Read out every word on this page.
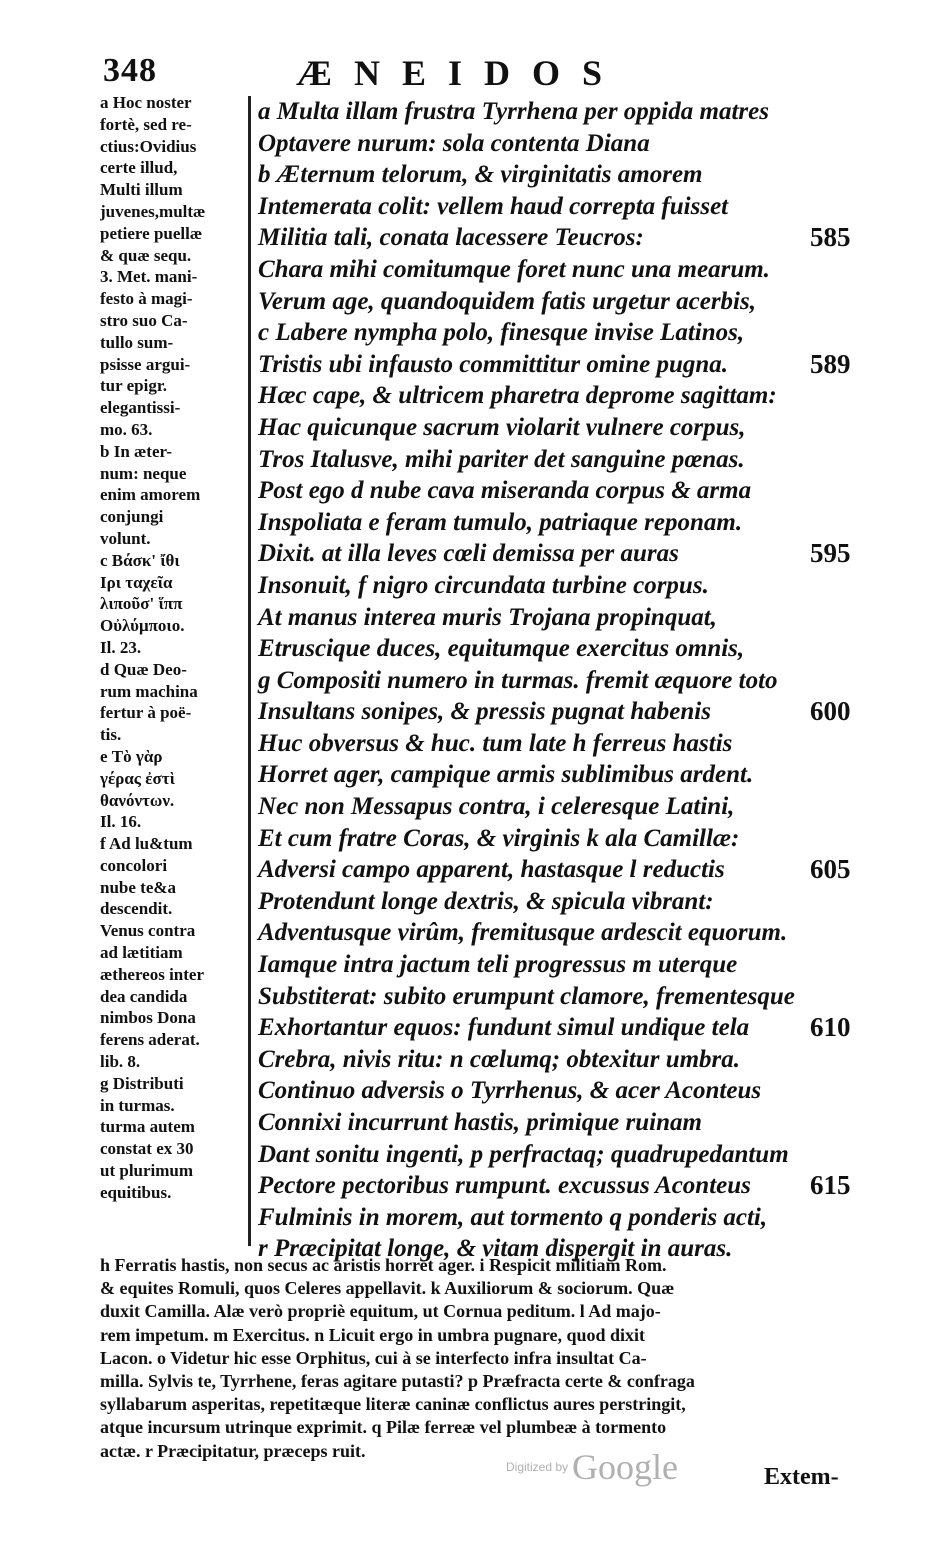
348	ÆNEIDOS
a Hoc noster
fortè, sed re-
ctius:Ovidius
certe illud,
Multi illum
juvenes,multæ
petiere puellæ
& quæ sequ.
3. Met. mani-
festo à magi-
stro suo Ca-
tullo sum-
psisse argui-
tur epigr.
elegantissi-
mo. 63.
b In æter-
num: neque
enim amorem
conjungi
volunt.
c Βάσκ' ἴθι
Ιρι ταχεῖα
λιποῦσ' ἵππ
Οὐλύμποιο.
Il. 23.
d Quæ Deo-
rum machina
fertur à poë-
tis.
e Τὸ γὰρ
γέρας ἐστὶ
θανόντων.
Il. 16.
f Ad lu&tum
concolori
nube te&a
descendit.
Venus contra
ad lætitiam
æthereos inter
dea candida
nimbos Dona
ferens aderat.
lib. 8.
g Distributi
in turmas.
turma autem
constat ex 30
ut plurimum
equitibus.
a Multa illam frustra Tyrrhena per oppida matres
Optavere nurum: sola contenta Diana
b Æternum telorum, & virginitatis amorem
Intemerata colit: vellem haud correpta fuisset
Militia tali, conata lacessere Teucros:	585
Chara mihi comitumque foret nunc una mearum.
Verum age, quandoquidem fatis urgetur acerbis,
c Labere nympha polo, finesque invise Latinos,
Tristis ubi infausto committitur omine pugna.	589
Hæc cape, & ultricem pharetra deprome sagittam:
Hac quicunque sacrum violarit vulnere corpus,
Tros Italusve, mihi pariter det sanguine pœnas.
Post ego d nube cava miseranda corpus & arma
Inspoliata e feram tumulo, patriaque reponam.
Dixit. at illa leves cœli demissa per auras	595
Insonuit, f nigro circundata turbine corpus.
At manus interea muris Trojana propinquat,
Etruscique duces, equitumque exercitus omnis,
g Compositi numero in turmas. fremit æquore toto
Insultans sonipes, & pressis pugnat habenis	600
Huc obversus & huc. tum late h ferreus hastis
Horret ager, campique armis sublimibus ardent.
Nec non Messapus contra, i celeresque Latini,
Et cum fratre Coras, & virginis k ala Camillæ:
Adversi campo apparent, hastasque l reductis	605
Protendunt longe dextris, & spicula vibrant:
Adventusque virûm, fremitusque ardescit equorum.
Iamque intra jactum teli progressus m uterque
Substiterat: subito erumpunt clamore, frementesque
Exhortantur equos: fundunt simul undique tela 610
Crebra, nivis ritu: n cœlumq; obtexitur umbra.
Continuo adversis o Tyrrhenus, & acer Aconteus
Connixi incurrunt hastis, primique ruinam
Dant sonitu ingenti, p perfractaq; quadrupedantum
Pectore pectoribus rumpunt. excussus Aconteus 615
Fulminis in morem, aut tormento q ponderis acti,
r Præcipitat longe, & vitam dispergit in auras.
h Ferratis hastis, non secus ac aristis horret ager. i Respicit militiam Rom.
& equites Romuli, quos Celeres appellavit. k Auxiliorum & sociorum. Quæ
duxit Camilla. Alæ verò propriè equitum, ut Cornua peditum. l Ad majo-
rem impetum. m Exercitus. n Licuit ergo in umbra pugnare, quod dixit
Lacon. o Videtur hic esse Orphitus, cui à se interfecto infra insultat Ca-
milla. Sylvis te, Tyrrhene, feras agitare putasti? p Præfracta certe & confraga
syllabarum asperitas, repetitæque literæ caninæ conflictus aures perstringit,
atque incursum utrinque exprimit. q Pilæ ferreæ vel plumbeæ à tormento
actæ. r Præcipitatur, præceps ruit.
Digitized by Google	Extem-
